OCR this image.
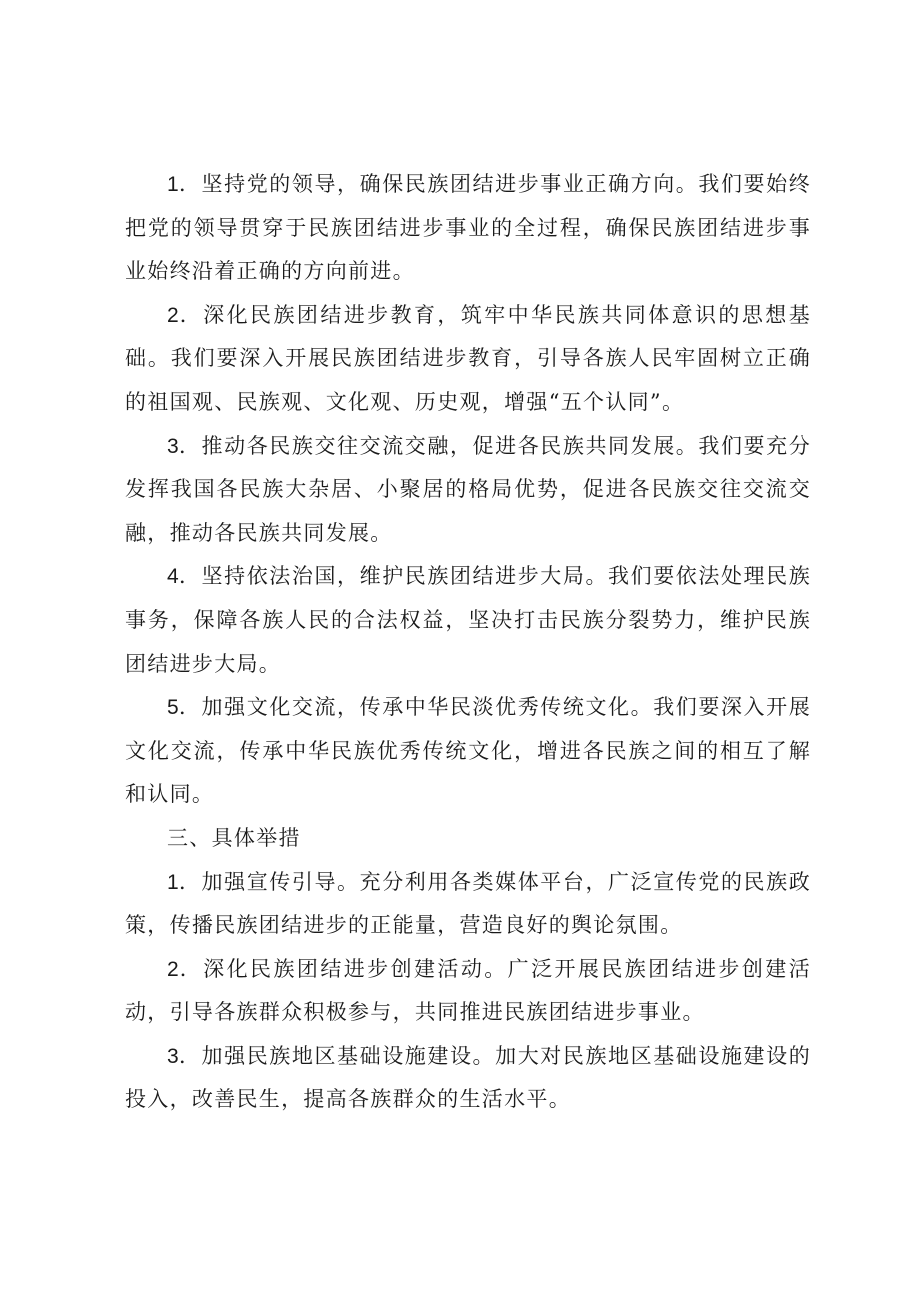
1．坚持党的领导，确保民族团结进步事业正确方向。我们要始终把党的领导贯穿于民族团结进步事业的全过程，确保民族团结进步事业始终沿着正确的方向前进。

2．深化民族团结进步教育，筑牢中华民族共同体意识的思想基础。我们要深入开展民族团结进步教育，引导各族人民牢固树立正确的祖国观、民族观、文化观、历史观，增强“五个认同”。

3．推动各民族交往交流交融，促进各民族共同发展。我们要充分发挥我国各民族大杂居、小聚居的格局优势，促进各民族交往交流交融，推动各民族共同发展。

4．坚持依法治国，维护民族团结进步大局。我们要依法处理民族事务，保障各族人民的合法权益，坚决打击民族分裂势力，维护民族团结进步大局。

5．加强文化交流，传承中华民淡优秀传统文化。我们要深入开展文化交流，传承中华民族优秀传统文化，增进各民族之间的相互了解和认同。

三、具体举措

1．加强宣传引导。充分利用各类媒体平台，广泛宣传党的民族政策，传播民族团结进步的正能量，营造良好的舆论氛围。

2．深化民族团结进步创建活动。广泛开展民族团结进步创建活动，引导各族群众积极参与，共同推进民族团结进步事业。

3．加强民族地区基础设施建设。加大对民族地区基础设施建设的投入，改善民生，提高各族群众的生活水平。
